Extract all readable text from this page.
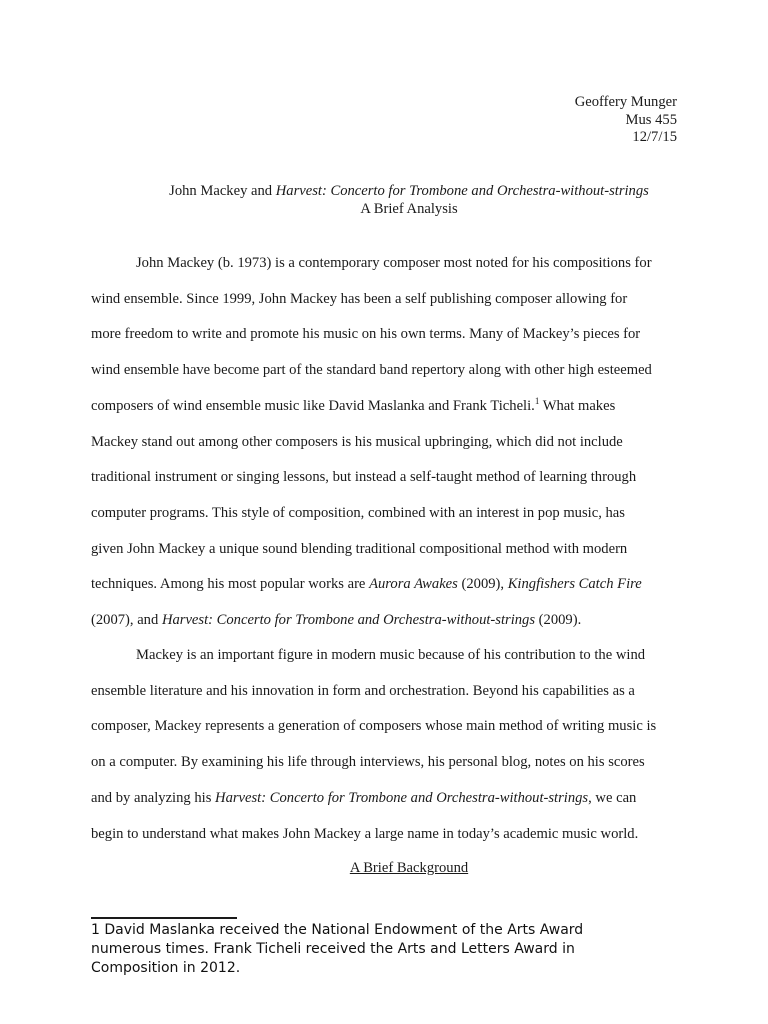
Geoffery Munger
Mus 455
12/7/15
John Mackey and Harvest: Concerto for Trombone and Orchestra-without-strings
A Brief Analysis
John Mackey (b. 1973) is a contemporary composer most noted for his compositions for
wind ensemble. Since 1999, John Mackey has been a self publishing composer allowing for
more freedom to write and promote his music on his own terms. Many of Mackey’s pieces for
wind ensemble have become part of the standard band repertory along with other high esteemed
composers of wind ensemble music like David Maslanka and Frank Ticheli.$^1$ What makes
Mackey stand out among other composers is his musical upbringing, which did not include
traditional instrument or singing lessons, but instead a self-taught method of learning through
computer programs. This style of composition, combined with an interest in pop music, has
given John Mackey a unique sound blending traditional compositional method with modern
techniques. Among his most popular works are Aurora Awakes (2009), Kingfishers Catch Fire
(2007), and Harvest: Concerto for Trombone and Orchestra-without-strings (2009).
Mackey is an important figure in modern music because of his contribution to the wind
ensemble literature and his innovation in form and orchestration. Beyond his capabilities as a
composer, Mackey represents a generation of composers whose main method of writing music is
on a computer. By examining his life through interviews, his personal blog, notes on his scores
and by analyzing his Harvest: Concerto for Trombone and Orchestra-without-strings, we can
begin to understand what makes John Mackey a large name in today’s academic music world.
A Brief Background
1 David Maslanka received the National Endowment of the Arts Award numerous times. Frank Ticheli received the Arts and Letters Award in Composition in 2012.
